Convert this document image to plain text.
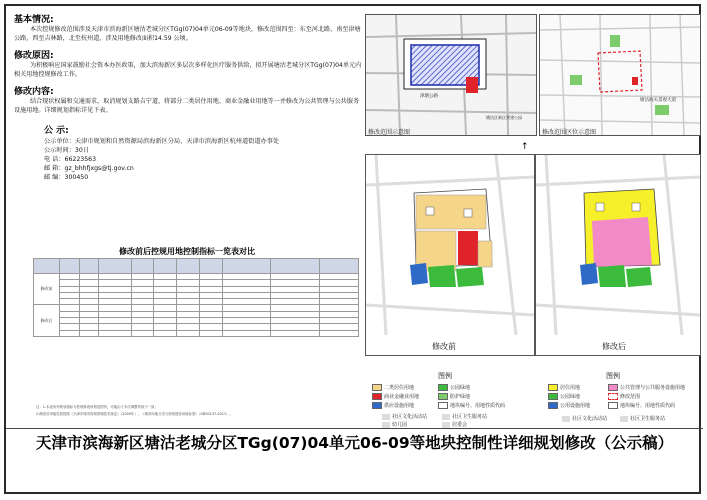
基本情况:

本次控规修改范围涉及天津市滨海新区塘沽老城分区TGg(07)04单元06-09等地块，修改范围四至：东至河北路，南至津塘公路，西至吉林路，北至杭州道，涉及用地修改面积14.59 公顷。

修改原因:

为积极响应国家鼓励社会资本办医政策，加大滨海新区多层次多样化医疗服务供给，拟开展塘沽老城分区TGg(07)04单元内相关用地控规修改工作。

修改内容:

结合现状权属和交通需求，取消规划支路吉宁道，将部分二类居住用地、商业金融业用地等一并修改为公共管理与公共服务设施用地。详细规划指标详见下表。

公 示:

公示单位：天津市规划和自然资源局滨海新区分局、天津市滨海新区杭州道街道办事处

公示时间：30日

电 话：66223563

邮 箱：gz_bhhfjxgs@tj.gov.cn

邮 编：300450

修改前后控规用地控制指标一览表对比

修改前										

修改后										

注：1.本表所列规划指标为控规修改规划范围内，可能由于多次调整导致不一致；
2.修改后用地性质按照《天津市城市规划管理技术规定》（2009年）、《城市用地分类与规划建设用地标准》（GB50137-2011）。
津塘公路
塘沽区新区营建公园
修改范围示意图
塘沽海关景观大道
修改范围区位示意图
↑
修改前	修改后
图例	图例
二类居住用地	公园绿地
商业金融业用地	防护绿地
供应设施用地	地块编号、用地性质代码
社区文化活动站	社区卫生服务站
幼儿园	居委会
居住用地	公共管理与公共服务设施用地
公园绿地	修改范围
公用设施用地	地块编号、用地性质代码
社区文化活动站	社区卫生服务站
天津市滨海新区塘沽老城分区TGg(07)04单元06-09等地块控制性详细规划修改（公示稿）
